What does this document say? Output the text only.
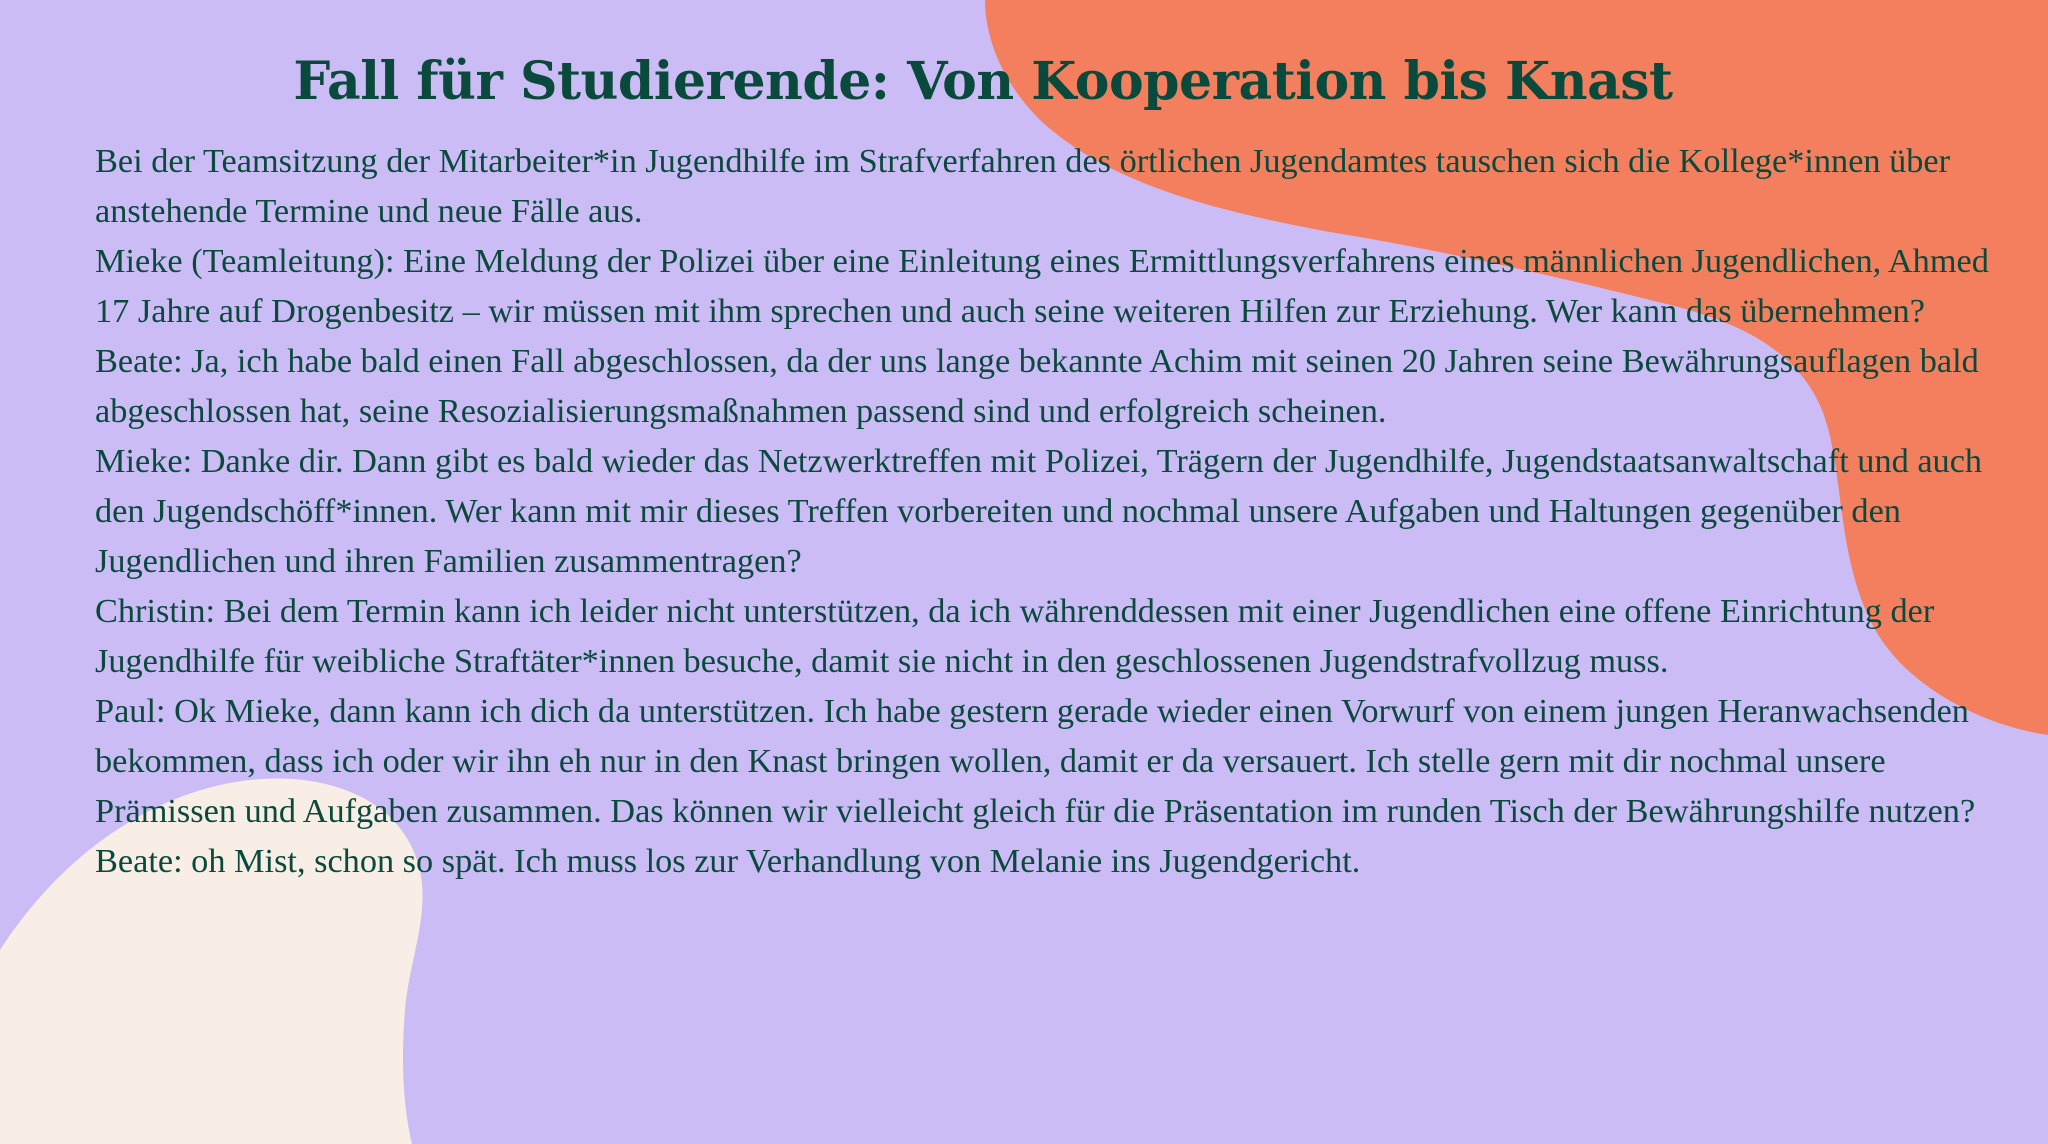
Fall für Studierende: Von Kooperation bis Knast

Bei der Teamsitzung der Mitarbeiter*in Jugendhilfe im Strafverfahren des örtlichen Jugendamtes tauschen sich die Kollege*innen über anstehende Termine und neue Fälle aus.

Mieke (Teamleitung): Eine Meldung der Polizei über eine Einleitung eines Ermittlungsverfahrens eines männlichen Jugendlichen, Ahmed 17 Jahre auf Drogenbesitz – wir müssen mit ihm sprechen und auch seine weiteren Hilfen zur Erziehung. Wer kann das übernehmen?

Beate: Ja, ich habe bald einen Fall abgeschlossen, da der uns lange bekannte Achim mit seinen 20 Jahren seine Bewährungsauflagen bald abgeschlossen hat, seine Resozialisierungsmaßnahmen passend sind und erfolgreich scheinen.

Mieke: Danke dir. Dann gibt es bald wieder das Netzwerktreffen mit Polizei, Trägern der Jugendhilfe, Jugendstaatsanwaltschaft und auch den Jugendschöff*innen. Wer kann mit mir dieses Treffen vorbereiten und nochmal unsere Aufgaben und Haltungen gegenüber den Jugendlichen und ihren Familien zusammentragen?

Christin: Bei dem Termin kann ich leider nicht unterstützen, da ich währenddessen mit einer Jugendlichen eine offene Einrichtung der Jugendhilfe für weibliche Straftäter*innen besuche, damit sie nicht in den geschlossenen Jugendstrafvollzug muss.

Paul: Ok Mieke, dann kann ich dich da unterstützen. Ich habe gestern gerade wieder einen Vorwurf von einem jungen Heranwachsenden bekommen, dass ich oder wir ihn eh nur in den Knast bringen wollen, damit er da versauert. Ich stelle gern mit dir nochmal unsere Prämissen und Aufgaben zusammen. Das können wir vielleicht gleich für die Präsentation im runden Tisch der Bewährungshilfe nutzen?

Beate: oh Mist, schon so spät. Ich muss los zur Verhandlung von Melanie ins Jugendgericht.
